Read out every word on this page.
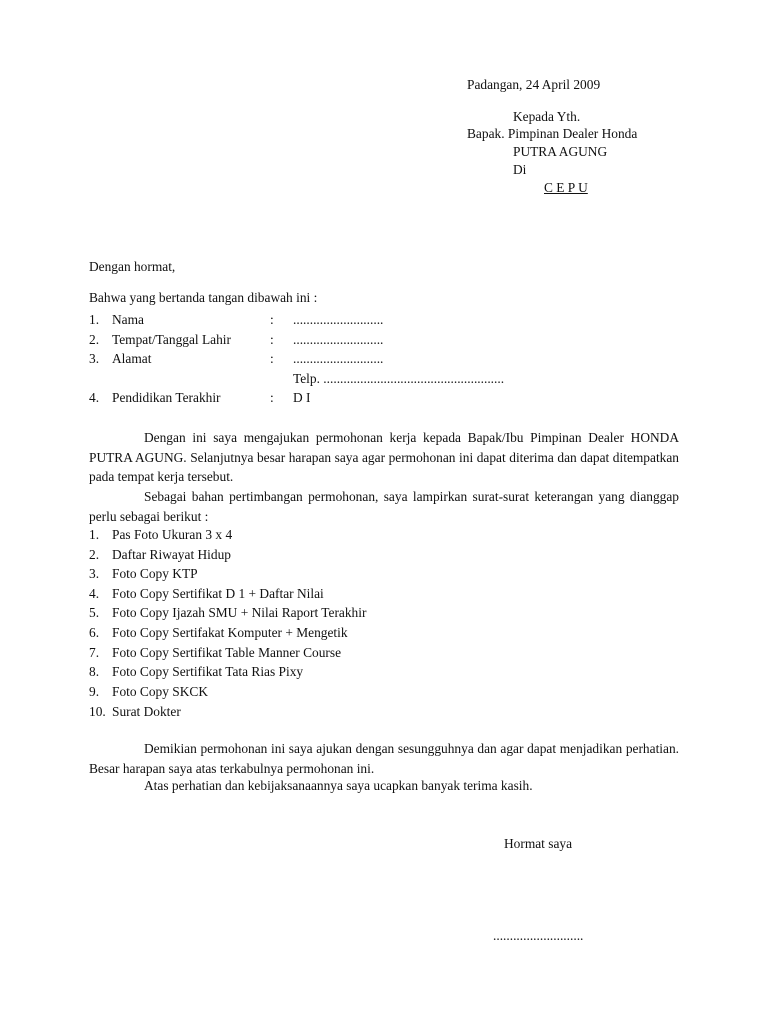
Padangan, 24 April 2009
Kepada Yth.
Bapak. Pimpinan Dealer Honda
PUTRA AGUNG
Di
C E P U
Dengan hormat,
Bahwa yang bertanda tangan dibawah ini :
1. Nama	: ...........................
2. Tempat/Tanggal Lahir	: ...........................
3. Alamat	: ...........................
Telp. ......................................................
4. Pendidikan Terakhir	: D I
Dengan ini saya mengajukan permohonan kerja kepada Bapak/Ibu Pimpinan Dealer HONDA PUTRA AGUNG. Selanjutnya besar harapan saya agar permohonan ini dapat diterima dan dapat ditempatkan pada tempat kerja tersebut.
Sebagai bahan pertimbangan permohonan, saya lampirkan surat-surat keterangan yang dianggap perlu sebagai berikut :
1. Pas Foto Ukuran 3 x 4
2. Daftar Riwayat Hidup
3. Foto Copy KTP
4. Foto Copy Sertifikat D 1 + Daftar Nilai
5. Foto Copy Ijazah SMU + Nilai Raport Terakhir
6. Foto Copy Sertifakat Komputer + Mengetik
7. Foto Copy Sertifikat Table Manner Course
8. Foto Copy Sertifikat Tata Rias Pixy
9. Foto Copy SKCK
10. Surat Dokter
Demikian permohonan ini saya ajukan dengan sesungguhnya dan agar dapat menjadikan perhatian. Besar harapan saya atas terkabulnya permohonan ini.
Atas perhatian dan kebijaksanaannya saya ucapkan banyak terima kasih.
Hormat saya
...........................
